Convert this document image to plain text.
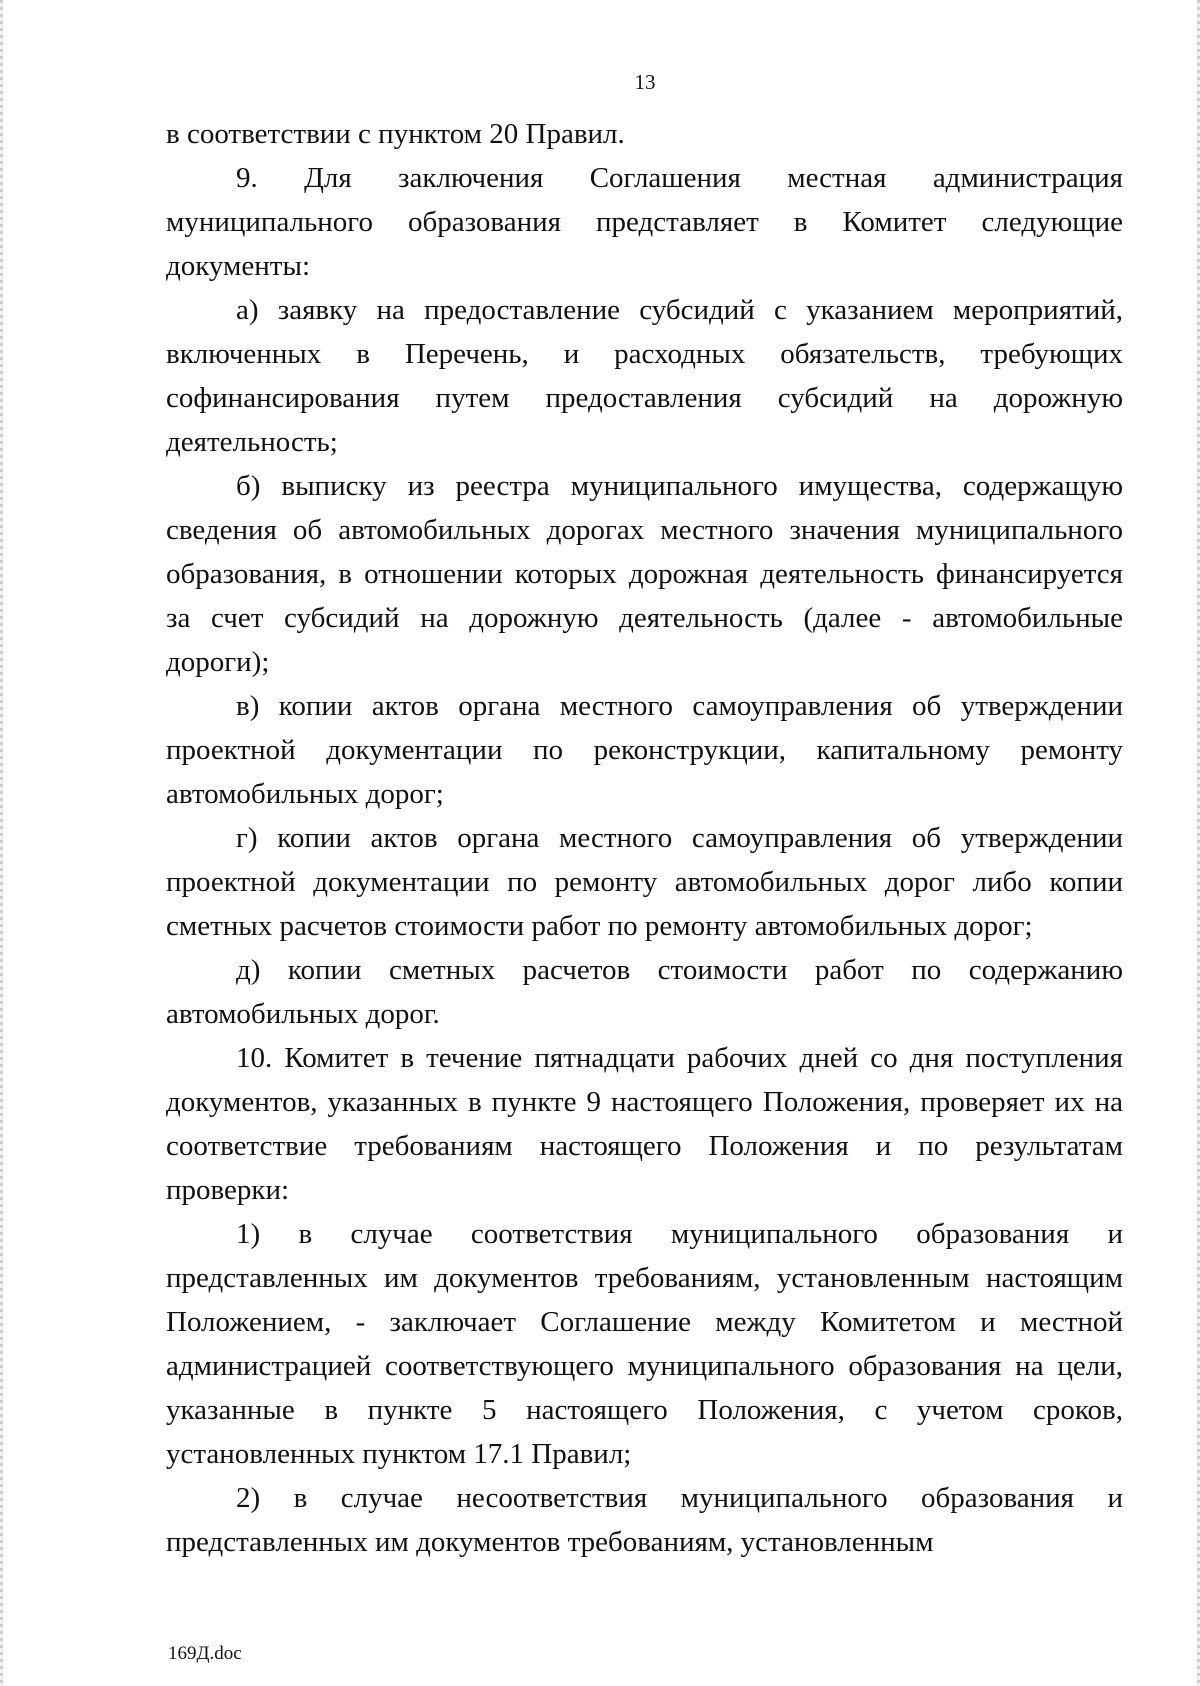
13

в соответствии с пунктом 20 Правил.

9. Для заключения Соглашения местная администрация муниципального образования представляет в Комитет следующие документы:

а) заявку на предоставление субсидий с указанием мероприятий, включенных в Перечень, и расходных обязательств, требующих софинансирования путем предоставления субсидий на дорожную деятельность;

б) выписку из реестра муниципального имущества, содержащую сведения об автомобильных дорогах местного значения муниципального образования, в отношении которых дорожная деятельность финансируется за счет субсидий на дорожную деятельность (далее - автомобильные дороги);

в) копии актов органа местного самоуправления об утверждении проектной документации по реконструкции, капитальному ремонту автомобильных дорог;

г) копии актов органа местного самоуправления об утверждении проектной документации по ремонту автомобильных дорог либо копии сметных расчетов стоимости работ по ремонту автомобильных дорог;

д) копии сметных расчетов стоимости работ по содержанию автомобильных дорог.

10. Комитет в течение пятнадцати рабочих дней со дня поступления документов, указанных в пункте 9 настоящего Положения, проверяет их на соответствие требованиям настоящего Положения и по результатам проверки:

1) в случае соответствия муниципального образования и представленных им документов требованиям, установленным настоящим Положением, - заключает Соглашение между Комитетом и местной администрацией соответствующего муниципального образования на цели, указанные в пункте 5 настоящего Положения, с учетом сроков, установленных пунктом 17.1 Правил;

2) в случае несоответствия муниципального образования и представленных им документов требованиям, установленным

169Д.doc
